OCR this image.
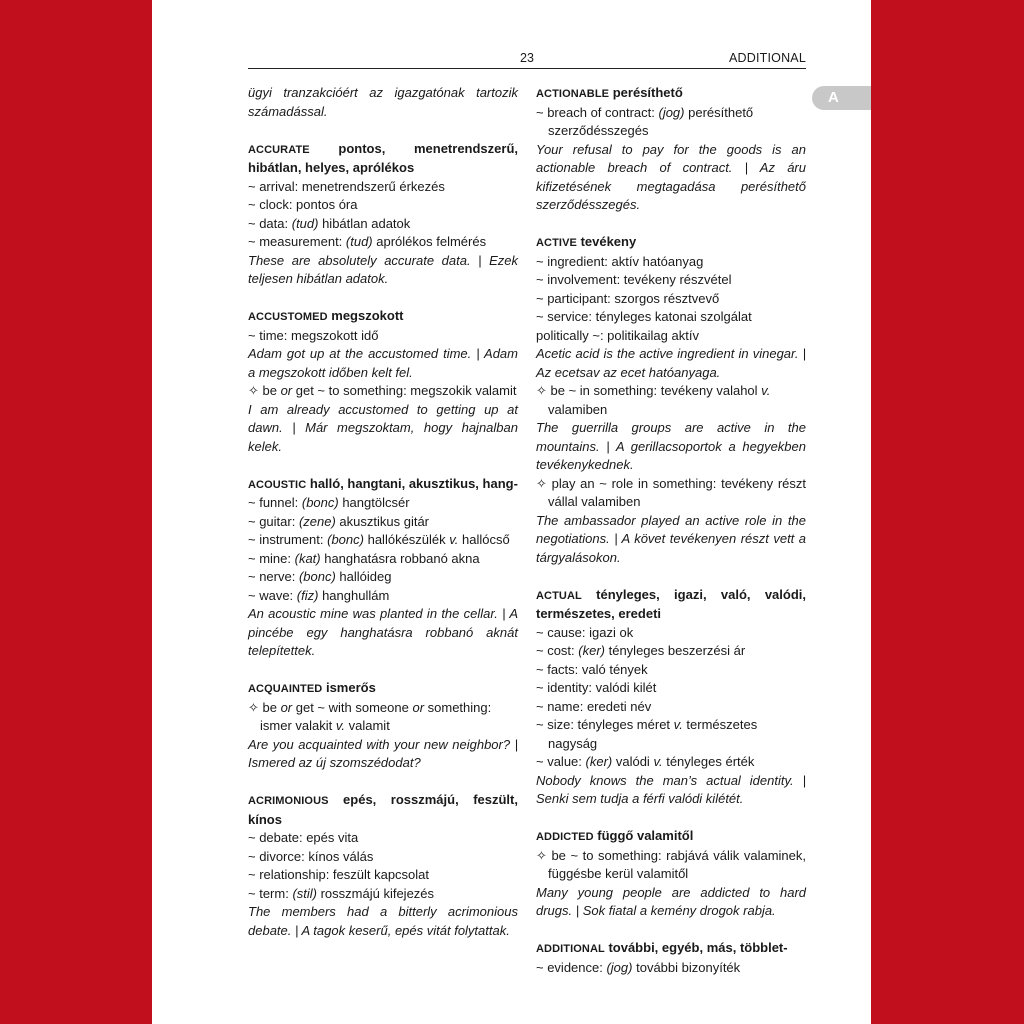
A
23	ADDITIONAL
ügyi tranzakcióért az igazgatónak tartozik számadással.
ACCURATE pontos, menetrendszerű, hibátlan, helyes, aprólékos
~ arrival: menetrendszerű érkezés
~ clock: pontos óra
~ data: (tud) hibátlan adatok
~ measurement: (tud) aprólékos felmérés
These are absolutely accurate data. | Ezek teljesen hibátlan adatok.
ACCUSTOMED megszokott
~ time: megszokott idő
Adam got up at the accustomed time. | Adam a megszokott időben kelt fel.
✧ be or get ~ to something: megszokik valamit
I am already accustomed to getting up at dawn. | Már megszoktam, hogy hajnalban kelek.
ACOUSTIC halló, hangtani, akusztikus, hang-
~ funnel: (bonc) hangtölcsér
~ guitar: (zene) akusztikus gitár
~ instrument: (bonc) hallókészülék v. hallócső
~ mine: (kat) hanghatásra robbanó akna
~ nerve: (bonc) hallóideg
~ wave: (fiz) hanghullám
An acoustic mine was planted in the cellar. | A pincébe egy hanghatásra robbanó aknát telepítettek.
ACQUAINTED ismerős
✧ be or get ~ with someone or something: ismer valakit v. valamit
Are you acquainted with your new neighbor? | Ismered az új szomszédodat?
ACRIMONIOUS epés, rosszmájú, feszült, kínos
~ debate: epés vita
~ divorce: kínos válás
~ relationship: feszült kapcsolat
~ term: (stil) rosszmájú kifejezés
The members had a bitterly acrimonious debate. | A tagok keserű, epés vitát folytattak.
ACTIONABLE perésíthető
~ breach of contract: (jog) perésíthető szerződésszegés
Your refusal to pay for the goods is an actionable breach of contract. | Az áru kifizetésének megtagadása perésíthető szerződésszegés.
ACTIVE tevékeny
~ ingredient: aktív hatóanyag
~ involvement: tevékeny részvétel
~ participant: szorgos résztvevő
~ service: tényleges katonai szolgálat
politically ~: politikailag aktív
Acetic acid is the active ingredient in vinegar. | Az ecetsav az ecet hatóanyaga.
✧ be ~ in something: tevékeny valahol v. valamiben
The guerrilla groups are active in the mountains. | A gerillacsoportok a hegyekben tevékenykednek.
✧ play an ~ role in something: tevékeny részt vállal valamiben
The ambassador played an active role in the negotiations. | A követ tevékenyen részt vett a tárgyalásokon.
ACTUAL tényleges, igazi, való, valódi, természetes, eredeti
~ cause: igazi ok
~ cost: (ker) tényleges beszerzési ár
~ facts: való tények
~ identity: valódi kilét
~ name: eredeti név
~ size: tényleges méret v. természetes nagyság
~ value: (ker) valódi v. tényleges érték
Nobody knows the man’s actual identity. | Senki sem tudja a férfi valódi kilétét.
ADDICTED függő valamitől
✧ be ~ to something: rabjává válik valaminek, függésbe kerül valamitől
Many young people are addicted to hard drugs. | Sok fiatal a kemény drogok rabja.
ADDITIONAL további, egyéb, más, többlet-
~ evidence: (jog) további bizonyíték
